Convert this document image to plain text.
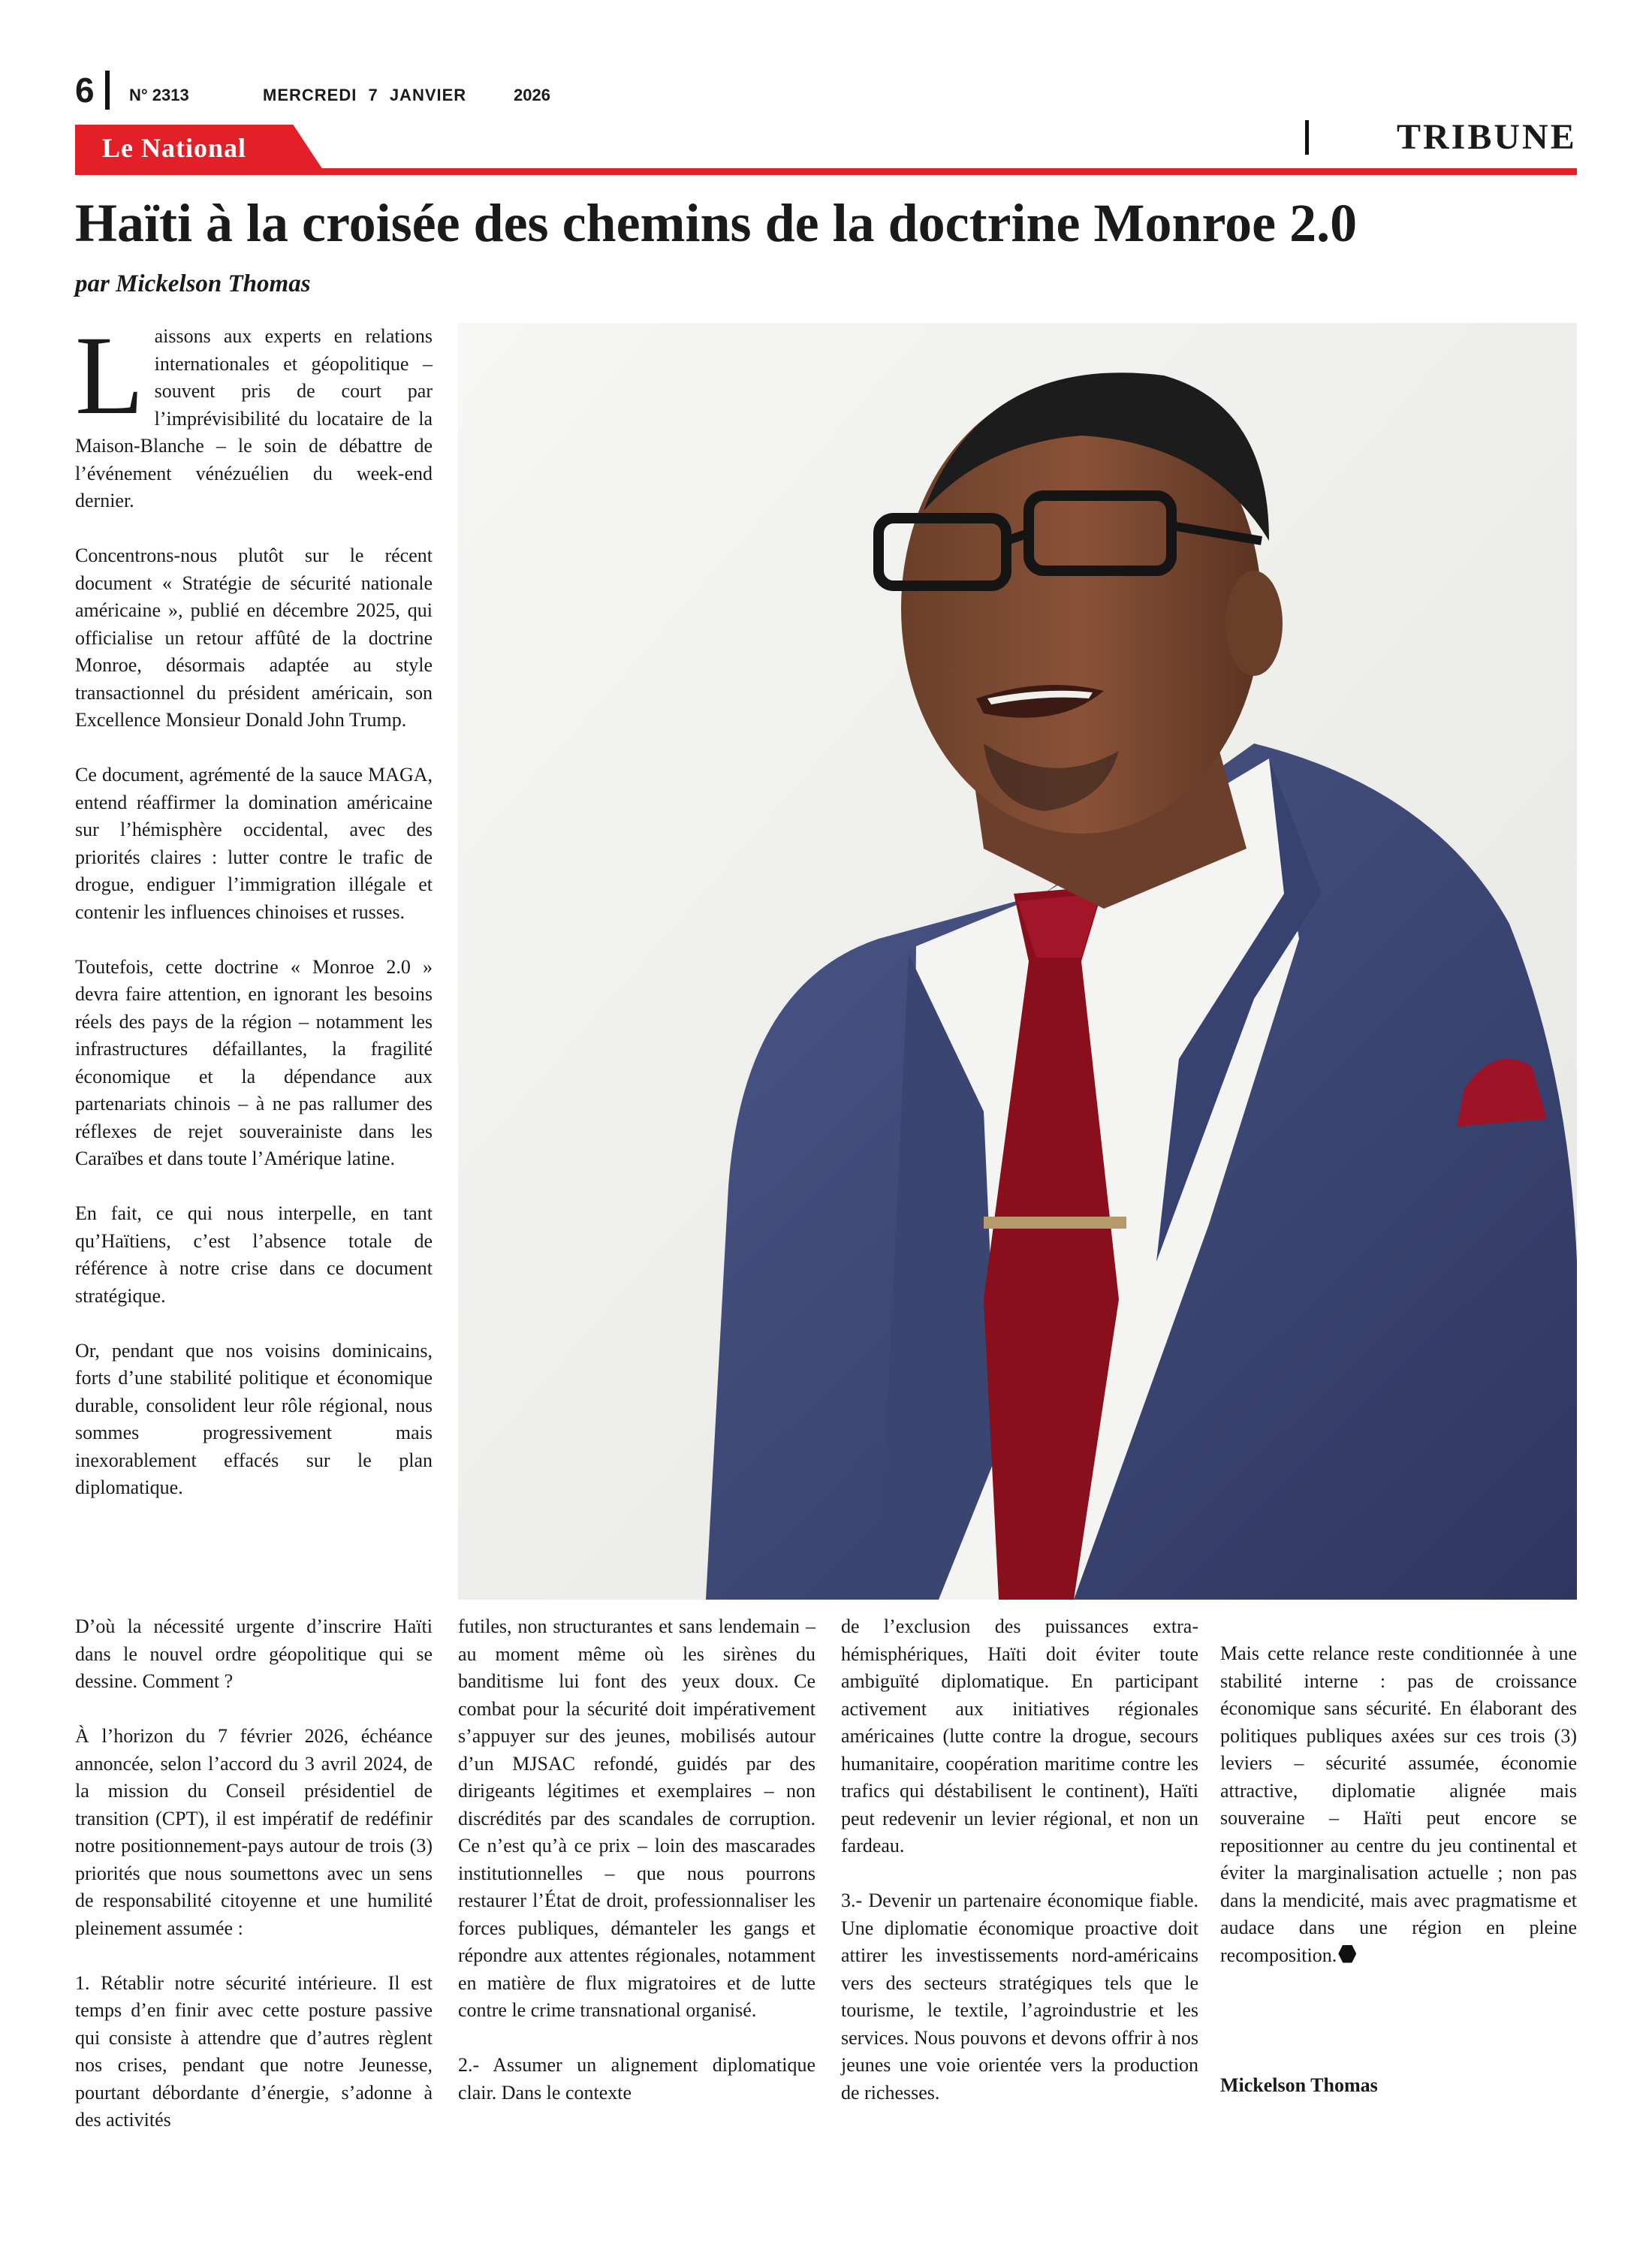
6 N° 2313	MERCREDI 7 JANVIER	2026
Le National	TRIBUNE
Haïti à la croisée des chemins de la doctrine Monroe 2.0
par Mickelson Thomas

Laissons aux experts en relations internationales et géopolitique – souvent pris de court par l’imprévisibilité du locataire de la Maison-Blanche – le soin de débattre de l’événement vénézuélien du week-end dernier.

Concentrons-nous plutôt sur le récent document « Stratégie de sécurité nationale américaine », publié en décembre 2025, qui officialise un retour affûté de la doctrine Monroe, désormais adaptée au style transactionnel du président américain, son Excellence Monsieur Donald John Trump.

Ce document, agrémenté de la sauce MAGA, entend réaffirmer la domination américaine sur l’hémisphère occidental, avec des priorités claires : lutter contre le trafic de drogue, endiguer l’immigration illégale et contenir les influences chinoises et russes.

Toutefois, cette doctrine « Monroe 2.0 » devra faire attention, en ignorant les besoins réels des pays de la région – notamment les infrastructures défaillantes, la fragilité économique et la dépendance aux partenariats chinois – à ne pas rallumer des réflexes de rejet souverainiste dans les Caraïbes et dans toute l’Amérique latine.

En fait, ce qui nous interpelle, en tant qu’Haïtiens, c’est l’absence totale de référence à notre crise dans ce document stratégique.

Or, pendant que nos voisins dominicains, forts d’une stabilité politique et économique durable, consolident leur rôle régional, nous sommes progressivement mais inexorablement effacés sur le plan diplomatique.

D’où la nécessité urgente d’inscrire Haïti dans le nouvel ordre géopolitique qui se dessine. Comment ?

À l’horizon du 7 février 2026, échéance annoncée, selon l’accord du 3 avril 2024, de la mission du Conseil présidentiel de transition (CPT), il est impératif de redéfinir notre positionnement-pays autour de trois (3) priorités que nous soumettons avec un sens de responsabilité citoyenne et une humilité pleinement assumée :

1. Rétablir notre sécurité intérieure. Il est temps d’en finir avec cette posture passive qui consiste à attendre que d’autres règlent nos crises, pendant que notre Jeunesse, pourtant débordante d’énergie, s’adonne à des activités

futiles, non structurantes et sans lendemain – au moment même où les sirènes du banditisme lui font des yeux doux. Ce combat pour la sécurité doit impérativement s’appuyer sur des jeunes, mobilisés autour d’un MJSAC refondé, guidés par des dirigeants légitimes et exemplaires – non discrédités par des scandales de corruption. Ce n’est qu’à ce prix – loin des mascarades institutionnelles – que nous pourrons restaurer l’État de droit, professionnaliser les forces publiques, démanteler les gangs et répondre aux attentes régionales, notamment en matière de flux migratoires et de lutte contre le crime transnational organisé.

2.- Assumer un alignement diplomatique clair. Dans le contexte

de l’exclusion des puissances extra-hémisphériques, Haïti doit éviter toute ambiguïté diplomatique. En participant activement aux initiatives régionales américaines (lutte contre la drogue, secours humanitaire, coopération maritime contre les trafics qui déstabilisent le continent), Haïti peut redevenir un levier régional, et non un fardeau.

3.- Devenir un partenaire économique fiable. Une diplomatie économique proactive doit attirer les investissements nord-américains vers des secteurs stratégiques tels que le tourisme, le textile, l’agroindustrie et les services. Nous pouvons et devons offrir à nos jeunes une voie orientée vers la production de richesses.

Mais cette relance reste conditionnée à une stabilité interne : pas de croissance économique sans sécurité. En élaborant des politiques publiques axées sur ces trois (3) leviers – sécurité assumée, économie attractive, diplomatie alignée mais souveraine – Haïti peut encore se repositionner au centre du jeu continental et éviter la marginalisation actuelle ; non pas dans la mendicité, mais avec pragmatisme et audace dans une région en pleine recomposition.

Mickelson Thomas
